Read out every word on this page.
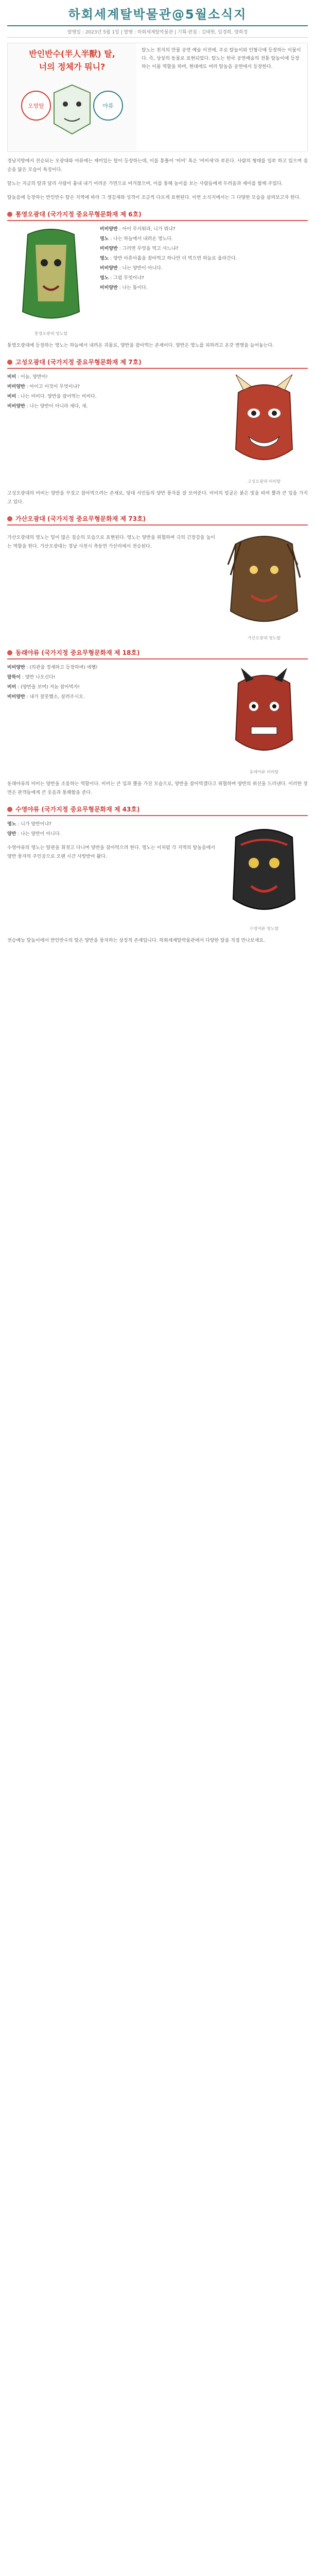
하회세계탈박물관@5월소식지
발행일 : 2023년 5월 1일 | 발행 : 하회세계탈박물관 | 기획·편집 : 김태원, 임경희, 양희정
반인반수(半人半獸) 탈,
너의 정체가 뭐니?
오방탈	야류
탈노는 천지의 만물 공연 예술 이전에, 주로 탈놀이와 인형극에 등장하는 이물이다. 즉, 상상의 동물로 표현되었다. 탈노는 한국 공연예술의 전통 탈놀이에 등장하는 이물 역할을 하며, 현대에도 여러 탈놀음 공연에서 등장한다.
경남지방에서 전승되는 오광대와 야류에는 재미있는 탈이 등장하는데, 이를 통틀어 '비비' 혹은 '비비새'라 부른다. 사람의 형태를 일부 하고 있으며 짐승을 닮은 모습이 특징이다.
탈노는 지금의 탈과 달리 사람이 흉내 내기 어려운 가면으로 여겨졌으며, 이를 통해 놀이를 보는 사람들에게 두려움과 재미를 함께 주었다.
탈놀음에 등장하는 반인반수 탈은 지역에 따라 그 생김새와 성격이 조금씩 다르게 표현된다. 이번 소식지에서는 그 다양한 모습을 살펴보고자 한다.
통영오광대 (국가지정 중요무형문화재 제 6호)
통영오광대 영노탈
비비양반 : 아이 무서워라, 니가 뭐냐?
영노 : 나는 하늘에서 내려온 영노다.
비비양반 : 그러면 무엇을 먹고 사느냐?
영노 : 양반 아흔아홉을 잡아먹고 하나만 더 먹으면 하늘로 올라간다.
비비양반 : 나는 양반이 아니다.
영노 : 그럼 무엇이냐?
비비양반 : 나는 똥이다.
통영오광대에 등장하는 영노는 하늘에서 내려온 괴물로, 양반을 잡아먹는 존재이다. 양반은 영노를 피하려고 온갖 변명을 늘어놓는다.
고성오광대 (국가지정 중요무형문화재 제 7호)
비비 : 이놈, 양반아!
비비양반 : 아이고 이것이 무엇이냐?
비비 : 나는 비비다. 양반을 잡아먹는 비비다.
비비양반 : 나는 양반이 아니라 새다, 새.
고성오광대 비비탈
고성오광대의 비비는 양반을 꾸짖고 잡아먹으려는 존재로, 당대 서민들의 양반 풍자를 잘 보여준다. 비비의 얼굴은 붉은 빛을 띠며 뿔과 큰 입을 가지고 있다.
가산오광대 (국가지정 중요무형문화재 제 73호)
가산오광대의 영노는 털이 많은 짐승의 모습으로 표현된다. 영노는 양반을 위협하며 극의 긴장감을 높이는 역할을 한다. 가산오광대는 경남 사천시 축동면 가산리에서 전승된다.
가산오광대 영노탈
동래야류 (국가지정 중요무형문화재 제 18호)
비비양반 : (의관을 정제하고 등장하며) 에헴!
말뚝이 : 양반 나오신다!
비비 : (양반을 보며) 저놈 잡아먹자!
비비양반 : 내가 잘못했소, 살려주시오.
동래야류 비비탈
동래야류의 비비는 양반을 조롱하는 역할이다. 비비는 큰 입과 뿔을 가진 모습으로, 양반을 잡아먹겠다고 위협하며 양반의 위선을 드러낸다. 이러한 장면은 관객들에게 큰 웃음과 통쾌함을 준다.
수영야류 (국가지정 중요무형문화재 제 43호)
영노 : 니가 양반이냐?
양반 : 나는 양반이 아니다.
수영야류의 영노는 탈판을 휘젓고 다니며 양반을 잡아먹으려 한다. 영노는 이처럼 각 지역의 탈놀음에서 양반 풍자의 주인공으로 오랜 시간 사랑받아 왔다.
수영야류 영노탈
전승예능 탈놀이에서 반인반수의 탈은 양반을 풍자하는 상징적 존재입니다. 하회세계탈박물관에서 다양한 탈을 직접 만나보세요.
